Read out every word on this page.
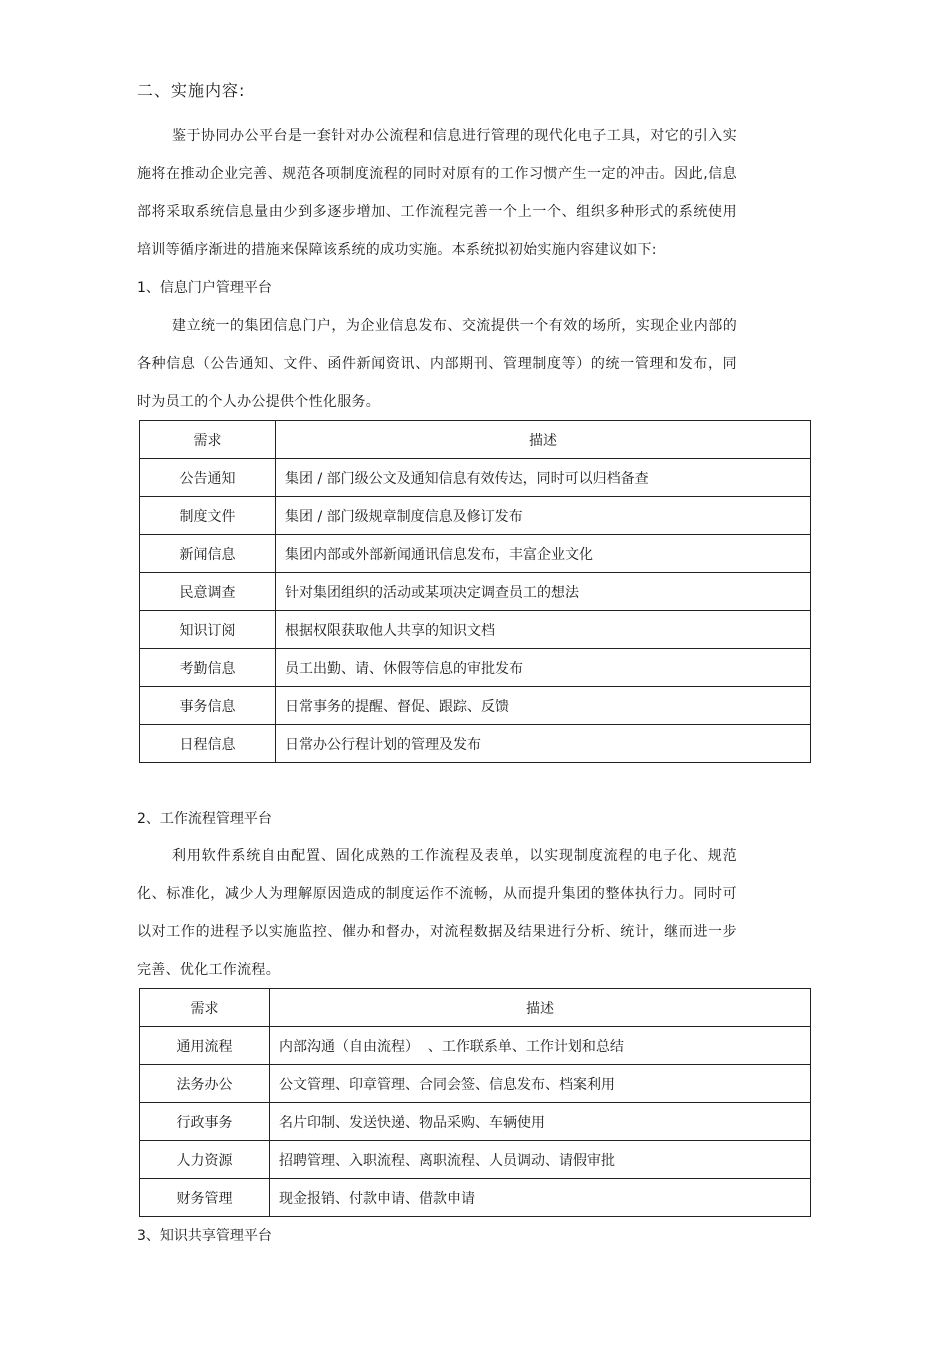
二、实施内容:

鉴于协同办公平台是一套针对办公流程和信息进行管理的现代化电子工具，对它的引入实施将在推动企业完善、规范各项制度流程的同时对原有的工作习惯产生一定的冲击。因此,信息部将采取系统信息量由少到多逐步增加、工作流程完善一个上一个、组织多种形式的系统使用培训等循序渐进的措施来保障该系统的成功实施。本系统拟初始实施内容建议如下:

1、信息门户管理平台

建立统一的集团信息门户，为企业信息发布、交流提供一个有效的场所，实现企业内部的各种信息（公告通知、文件、函件新闻资讯、内部期刊、管理制度等）的统一管理和发布，同时为员工的个人办公提供个性化服务。

需求	描述
公告通知	集团 / 部门级公文及通知信息有效传达，同时可以归档备查
制度文件	集团 / 部门级规章制度信息及修订发布
新闻信息	集团内部或外部新闻通讯信息发布，丰富企业文化
民意调查	针对集团组织的活动或某项决定调查员工的想法
知识订阅	根据权限获取他人共享的知识文档
考勤信息	员工出勤、请、休假等信息的审批发布
事务信息	日常事务的提醒、督促、跟踪、反馈
日程信息	日常办公行程计划的管理及发布
2、工作流程管理平台

利用软件系统自由配置、固化成熟的工作流程及表单，以实现制度流程的电子化、规范化、标准化，减少人为理解原因造成的制度运作不流畅，从而提升集团的整体执行力。同时可以对工作的进程予以实施监控、催办和督办，对流程数据及结果进行分析、统计，继而进一步完善、优化工作流程。

需求	描述
通用流程	内部沟通（自由流程）  、工作联系单、工作计划和总结
法务办公	公文管理、印章管理、合同会签、信息发布、档案利用
行政事务	名片印制、发送快递、物品采购、车辆使用
人力资源	招聘管理、入职流程、离职流程、人员调动、请假审批
财务管理	现金报销、付款申请、借款申请
3、知识共享管理平台
